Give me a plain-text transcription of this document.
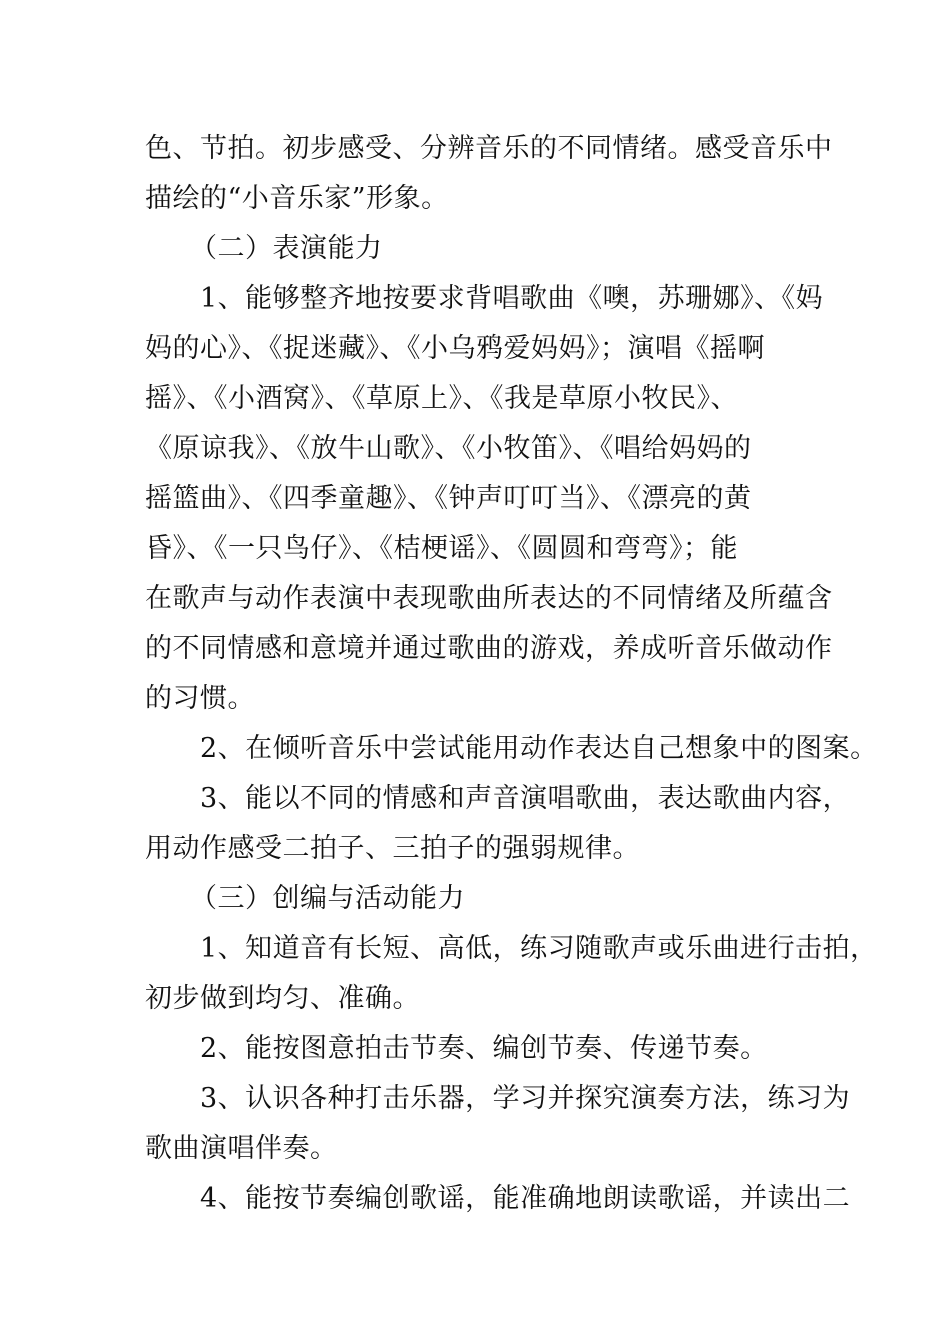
色、节拍。初步感受、分辨音乐的不同情绪。感受音乐中
描绘的“小音乐家”形象。
（二）表演能力
1、能够整齐地按要求背唱歌曲《噢，苏珊娜》、《妈
妈的心》、《捉迷藏》、《小乌鸦爱妈妈》；演唱《摇啊
摇》、《小酒窝》、《草原上》、《我是草原小牧民》、
《原谅我》、《放牛山歌》、《小牧笛》、《唱给妈妈的
摇篮曲》、《四季童趣》、《钟声叮叮当》、《漂亮的黄
昏》、《一只鸟仔》、《桔梗谣》、《圆圆和弯弯》；能
在歌声与动作表演中表现歌曲所表达的不同情绪及所蕴含
的不同情感和意境并通过歌曲的游戏，养成听音乐做动作
的习惯。
2、在倾听音乐中尝试能用动作表达自己想象中的图案。
3、能以不同的情感和声音演唱歌曲，表达歌曲内容，
用动作感受二拍子、三拍子的强弱规律。
（三）创编与活动能力
1、知道音有长短、高低，练习随歌声或乐曲进行击拍，
初步做到均匀、准确。
2、能按图意拍击节奏、编创节奏、传递节奏。
3、认识各种打击乐器，学习并探究演奏方法，练习为
歌曲演唱伴奏。
4、能按节奏编创歌谣，能准确地朗读歌谣，并读出二
